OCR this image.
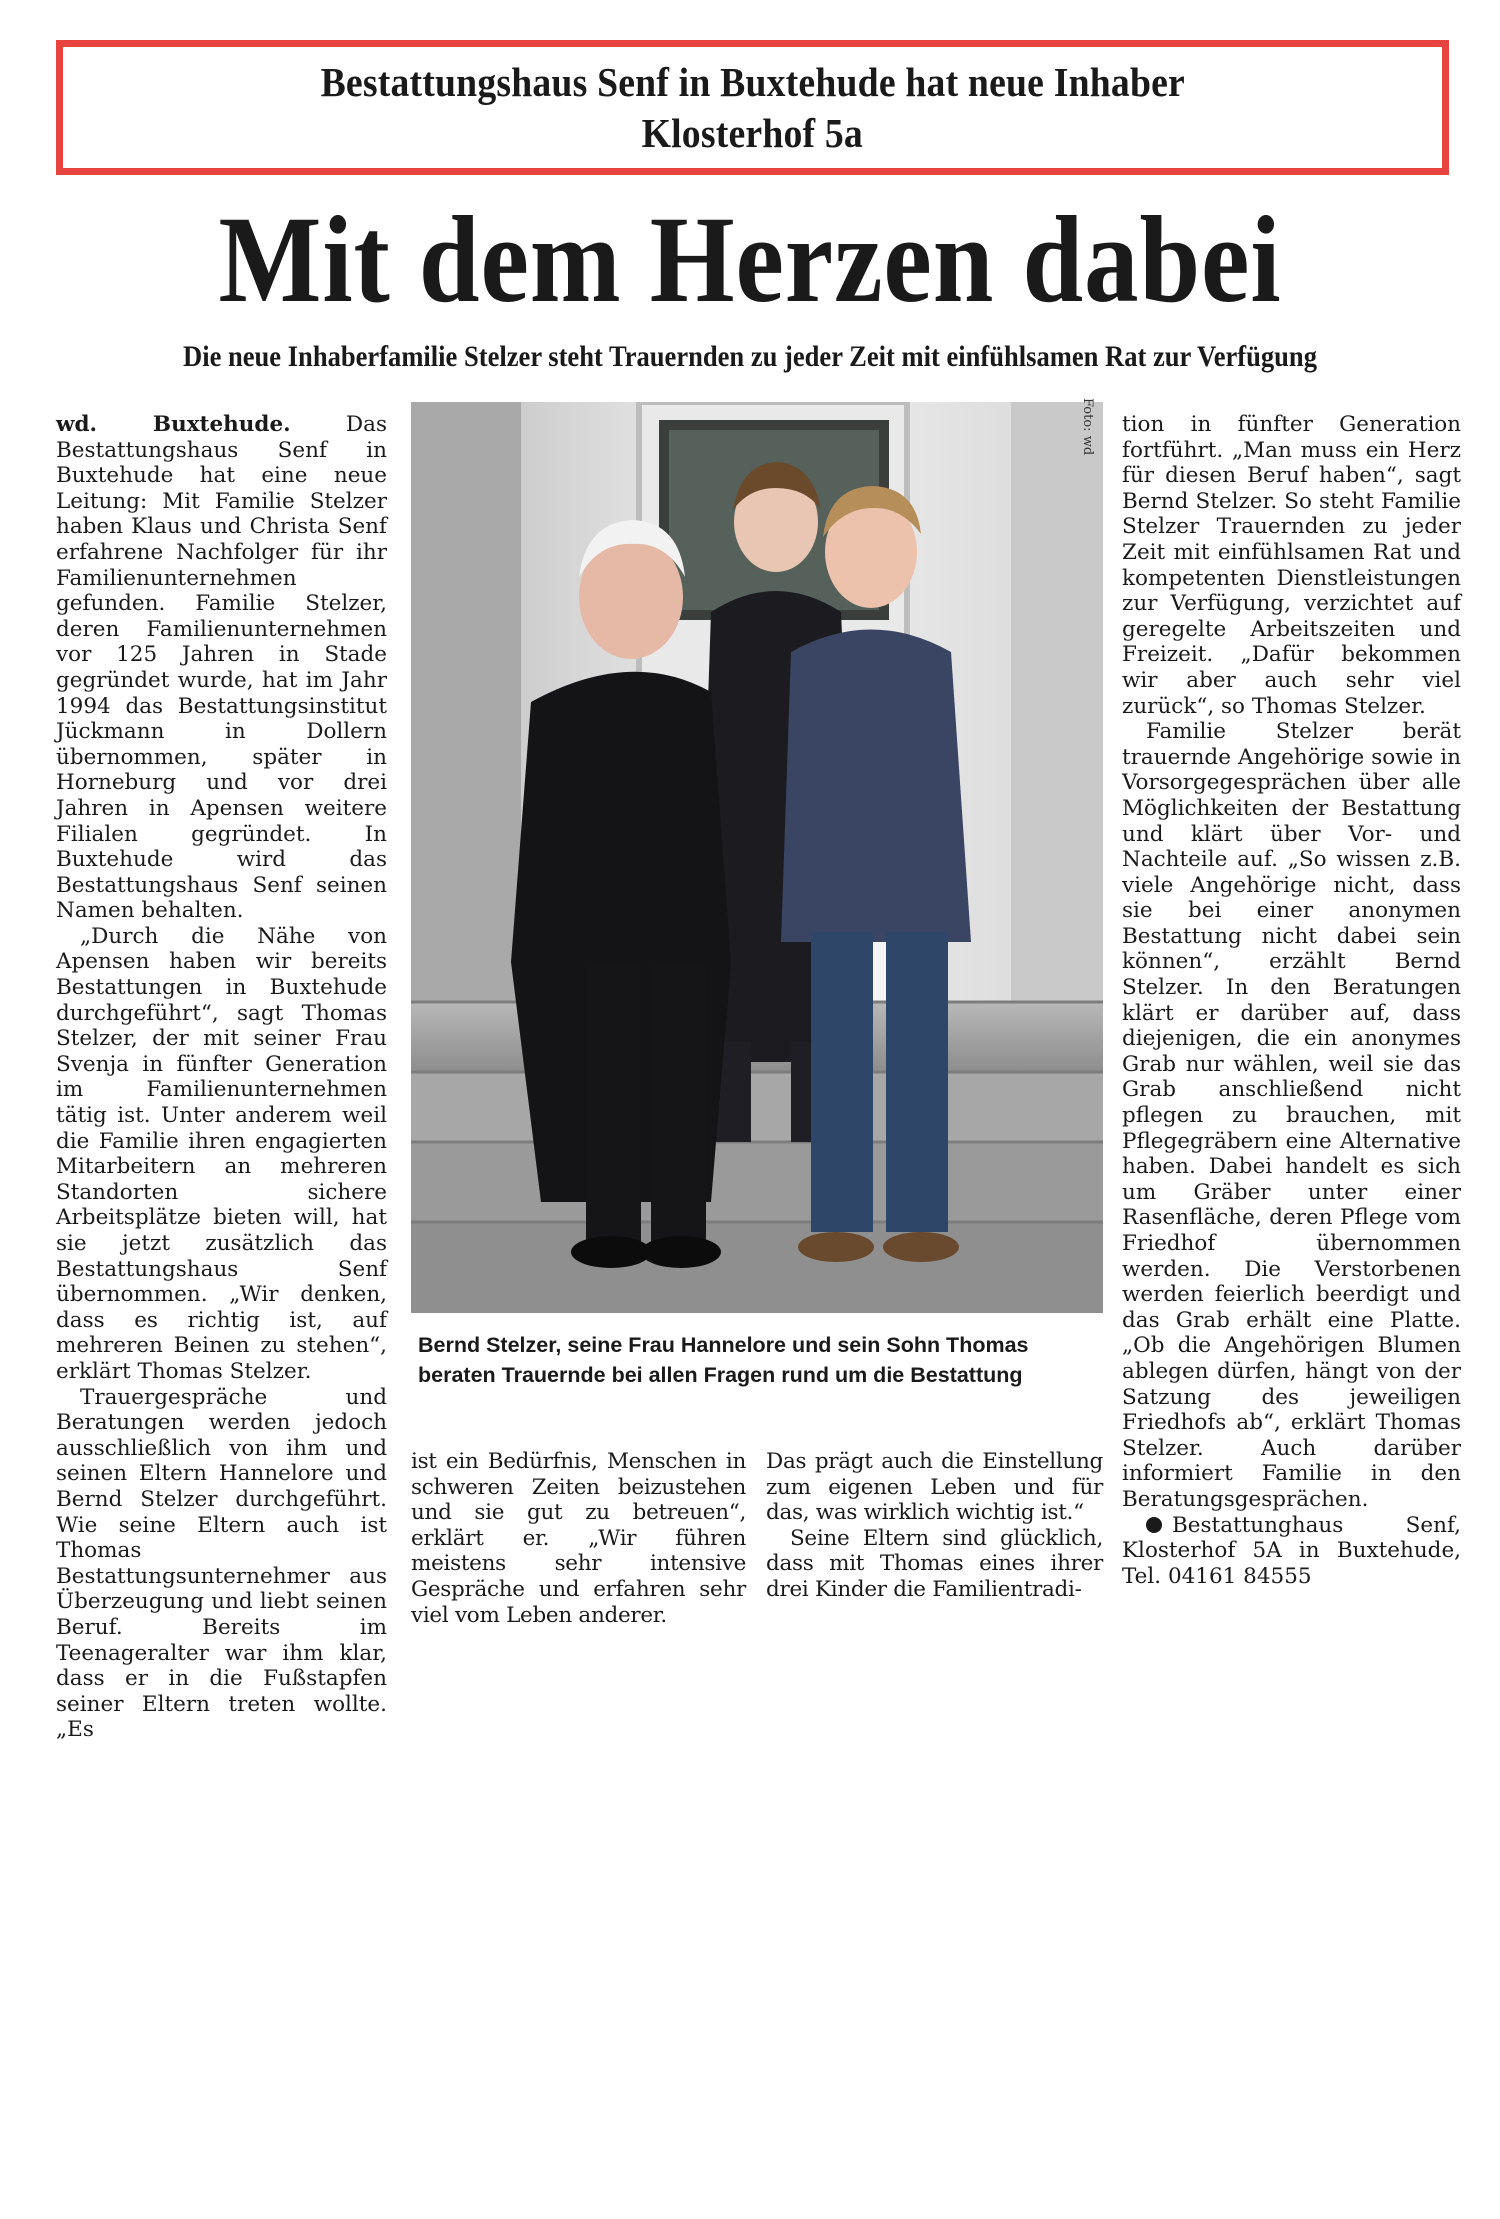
Bestattungshaus Senf in Buxtehude hat neue Inhaber
Klosterhof 5a
Mit dem Herzen dabei
Die neue Inhaberfamilie Stelzer steht Trauernden zu jeder Zeit mit einfühlsamen Rat zur Verfügung

wd. Buxtehude. Das Bestattungshaus Senf in Buxtehude hat eine neue Leitung: Mit Familie Stelzer haben Klaus und Christa Senf erfahrene Nachfolger für ihr Familienunternehmen gefunden. Familie Stelzer, deren Familienunternehmen vor 125 Jahren in Stade gegründet wurde, hat im Jahr 1994 das Bestattungsinstitut Jückmann in Dollern übernommen, später in Horneburg und vor drei Jahren in Apensen weitere Filialen gegründet. In Buxtehude wird das Bestattungshaus Senf seinen Namen behalten.

„Durch die Nähe von Apensen haben wir bereits Bestattungen in Buxtehude durchgeführt“, sagt Thomas Stelzer, der mit seiner Frau Svenja in fünfter Generation im Familienunternehmen tätig ist. Unter anderem weil die Familie ihren engagierten Mitarbeitern an mehreren Standorten sichere Arbeitsplätze bieten will, hat sie jetzt zusätzlich das Bestattungshaus Senf übernommen. „Wir denken, dass es richtig ist, auf mehreren Beinen zu stehen“, erklärt Thomas Stelzer.

Trauergespräche und Beratungen werden jedoch ausschließlich von ihm und seinen Eltern Hannelore und Bernd Stelzer durchgeführt. Wie seine Eltern auch ist Thomas Bestattungsunternehmer aus Überzeugung und liebt seinen Beruf. Bereits im Teenageralter war ihm klar, dass er in die Fußstapfen seiner Eltern treten wollte. „Es

Foto: wd
Bernd Stelzer, seine Frau Hannelore und sein Sohn Thomas beraten Trauernde bei allen Fragen rund um die Bestattung

ist ein Bedürfnis, Menschen in schweren Zeiten beizustehen und sie gut zu betreuen“, erklärt er. „Wir führen meistens sehr intensive Gespräche und erfahren sehr viel vom Leben anderer.

Das prägt auch die Einstellung zum eigenen Leben und für das, was wirklich wichtig ist.“

Seine Eltern sind glücklich, dass mit Thomas eines ihrer drei Kinder die Familientradi-

tion in fünfter Generation fortführt. „Man muss ein Herz für diesen Beruf haben“, sagt Bernd Stelzer. So steht Familie Stelzer Trauernden zu jeder Zeit mit einfühlsamen Rat und kompetenten Dienstleistungen zur Verfügung, verzichtet auf geregelte Arbeitszeiten und Freizeit. „Dafür bekommen wir aber auch sehr viel zurück“, so Thomas Stelzer.

Familie Stelzer berät trauernde Angehörige sowie in Vorsorgegesprächen über alle Möglichkeiten der Bestattung und klärt über Vor- und Nachteile auf. „So wissen z.B. viele Angehörige nicht, dass sie bei einer anonymen Bestattung nicht dabei sein können“, erzählt Bernd Stelzer. In den Beratungen klärt er darüber auf, dass diejenigen, die ein anonymes Grab nur wählen, weil sie das Grab anschließend nicht pflegen zu brauchen, mit Pflegegräbern eine Alternative haben. Dabei handelt es sich um Gräber unter einer Rasenfläche, deren Pflege vom Friedhof übernommen werden. Die Verstorbenen werden feierlich beerdigt und das Grab erhält eine Platte. „Ob die Angehörigen Blumen ablegen dürfen, hängt von der Satzung des jeweiligen Friedhofs ab“, erklärt Thomas Stelzer. Auch darüber informiert Familie in den Beratungsgesprächen.

Bestattunghaus Senf, Klosterhof 5A in Buxtehude, Tel. 04161 84555
